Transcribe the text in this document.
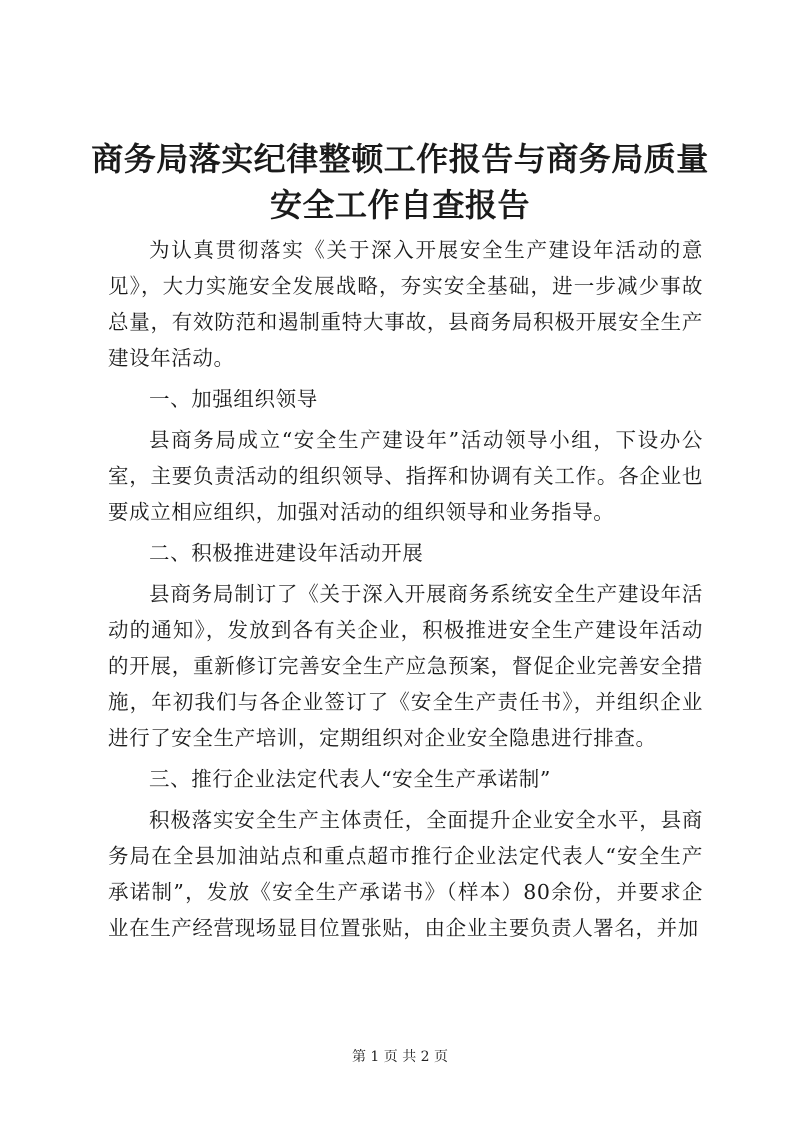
商务局落实纪律整顿工作报告与商务局质量安全工作自查报告

为认真贯彻落实《关于深入开展安全生产建设年活动的意见》，大力实施安全发展战略，夯实安全基础，进一步减少事故总量，有效防范和遏制重特大事故，县商务局积极开展安全生产建设年活动。

一、加强组织领导

县商务局成立“安全生产建设年”活动领导小组，下设办公室，主要负责活动的组织领导、指挥和协调有关工作。各企业也要成立相应组织，加强对活动的组织领导和业务指导。

二、积极推进建设年活动开展

县商务局制订了《关于深入开展商务系统安全生产建设年活动的通知》，发放到各有关企业，积极推进安全生产建设年活动的开展，重新修订完善安全生产应急预案，督促企业完善安全措施，年初我们与各企业签订了《安全生产责任书》，并组织企业进行了安全生产培训，定期组织对企业安全隐患进行排查。

三、推行企业法定代表人“安全生产承诺制”

积极落实安全生产主体责任，全面提升企业安全水平，县商务局在全县加油站点和重点超市推行企业法定代表人“安全生产承诺制”，发放《安全生产承诺书》（样本）80余份，并要求企业在生产经营现场显目位置张贴，由企业主要负责人署名，并加

第 1 页 共 2 页
